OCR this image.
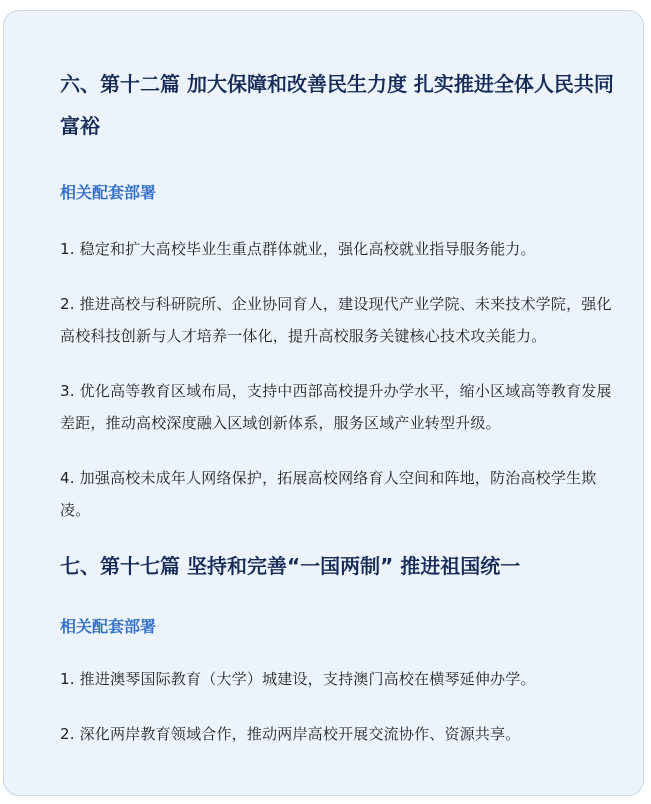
六、第十二篇 加大保障和改善民生力度 扎实推进全体人民共同富裕
相关配套部署

1. 稳定和扩大高校毕业生重点群体就业，强化高校就业指导服务能力。

2. 推进高校与科研院所、企业协同育人，建设现代产业学院、未来技术学院，强化高校科技创新与人才培养一体化，提升高校服务关键核心技术攻关能力。

3. 优化高等教育区域布局，支持中西部高校提升办学水平，缩小区域高等教育发展差距，推动高校深度融入区域创新体系，服务区域产业转型升级。

4. 加强高校未成年人网络保护，拓展高校网络育人空间和阵地，防治高校学生欺凌。

七、第十七篇 坚持和完善“一国两制” 推进祖国统一
相关配套部署

1. 推进澳琴国际教育（大学）城建设，支持澳门高校在横琴延伸办学。

2. 深化两岸教育领域合作，推动两岸高校开展交流协作、资源共享。
